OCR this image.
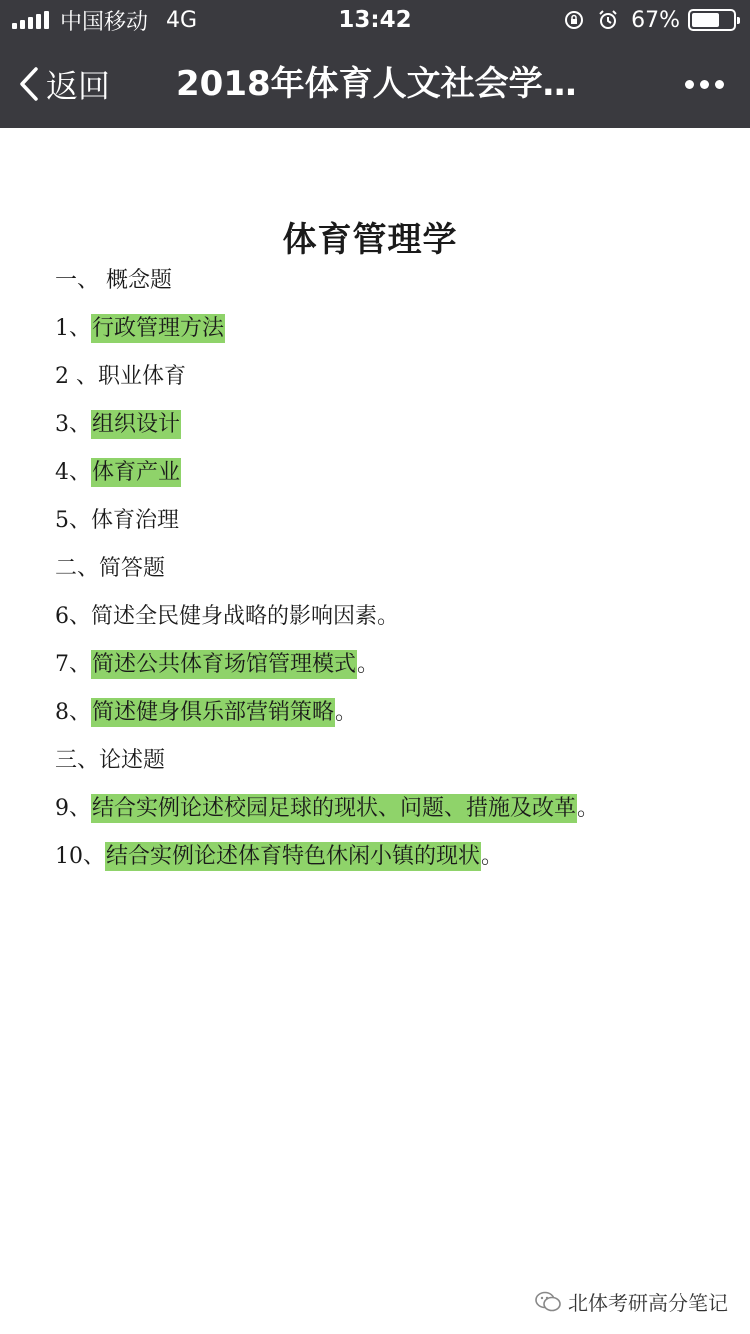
中国移动 4G	13:42	67%
返回 2018年体育人文社会学…
体育管理学
一、 概念题
1、行政管理方法
2 、职业体育
3、组织设计
4、体育产业
5、体育治理
二、简答题
6、简述全民健身战略的影响因素。
7、简述公共体育场馆管理模式。
8、简述健身俱乐部营销策略。
三、论述题
9、结合实例论述校园足球的现状、问题、措施及改革。
10、结合实例论述体育特色休闲小镇的现状。
北体考研高分笔记
